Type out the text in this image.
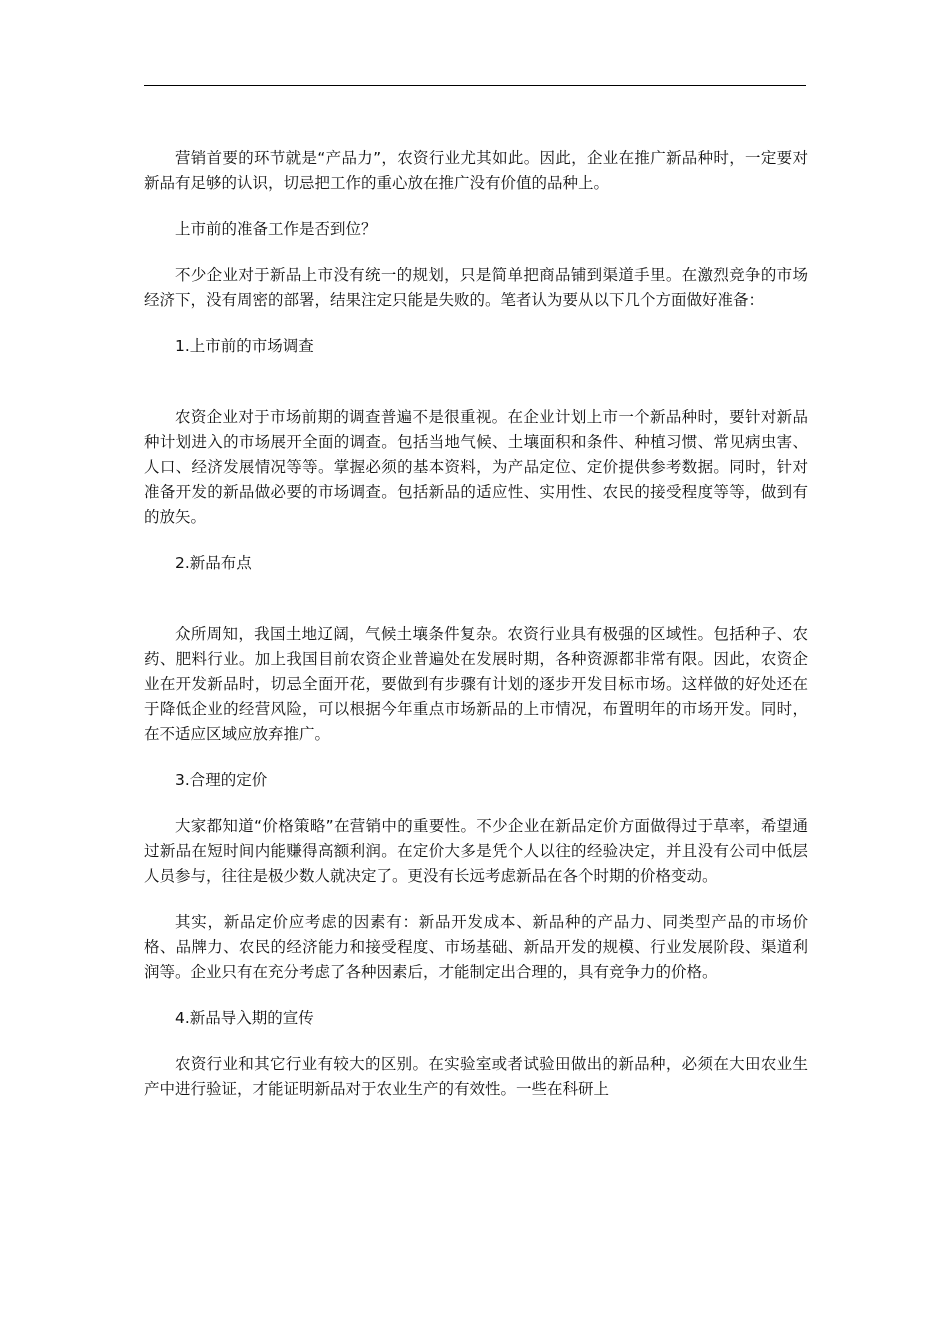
营销首要的环节就是“产品力”，农资行业尤其如此。因此，企业在推广新品种时，一定要对新品有足够的认识，切忌把工作的重心放在推广没有价值的品种上。

上市前的准备工作是否到位？

不少企业对于新品上市没有统一的规划，只是简单把商品铺到渠道手里。在激烈竞争的市场经济下，没有周密的部署，结果注定只能是失败的。笔者认为要从以下几个方面做好准备：

1.上市前的市场调查

农资企业对于市场前期的调查普遍不是很重视。在企业计划上市一个新品种时，要针对新品种计划进入的市场展开全面的调查。包括当地气候、土壤面积和条件、种植习惯、常见病虫害、人口、经济发展情况等等。掌握必须的基本资料，为产品定位、定价提供参考数据。同时，针对准备开发的新品做必要的市场调查。包括新品的适应性、实用性、农民的接受程度等等，做到有的放矢。

2.新品布点

众所周知，我国土地辽阔，气候土壤条件复杂。农资行业具有极强的区域性。包括种子、农药、肥料行业。加上我国目前农资企业普遍处在发展时期，各种资源都非常有限。因此，农资企业在开发新品时，切忌全面开花，要做到有步骤有计划的逐步开发目标市场。这样做的好处还在于降低企业的经营风险，可以根据今年重点市场新品的上市情况，布置明年的市场开发。同时，在不适应区域应放弃推广。

3.合理的定价

大家都知道“价格策略”在营销中的重要性。不少企业在新品定价方面做得过于草率，希望通过新品在短时间内能赚得高额利润。在定价大多是凭个人以往的经验决定，并且没有公司中低层人员参与，往往是极少数人就决定了。更没有长远考虑新品在各个时期的价格变动。

其实，新品定价应考虑的因素有：新品开发成本、新品种的产品力、同类型产品的市场价格、品牌力、农民的经济能力和接受程度、市场基础、新品开发的规模、行业发展阶段、渠道利润等。企业只有在充分考虑了各种因素后，才能制定出合理的，具有竞争力的价格。

4.新品导入期的宣传

农资行业和其它行业有较大的区别。在实验室或者试验田做出的新品种，必须在大田农业生产中进行验证，才能证明新品对于农业生产的有效性。一些在科研上
